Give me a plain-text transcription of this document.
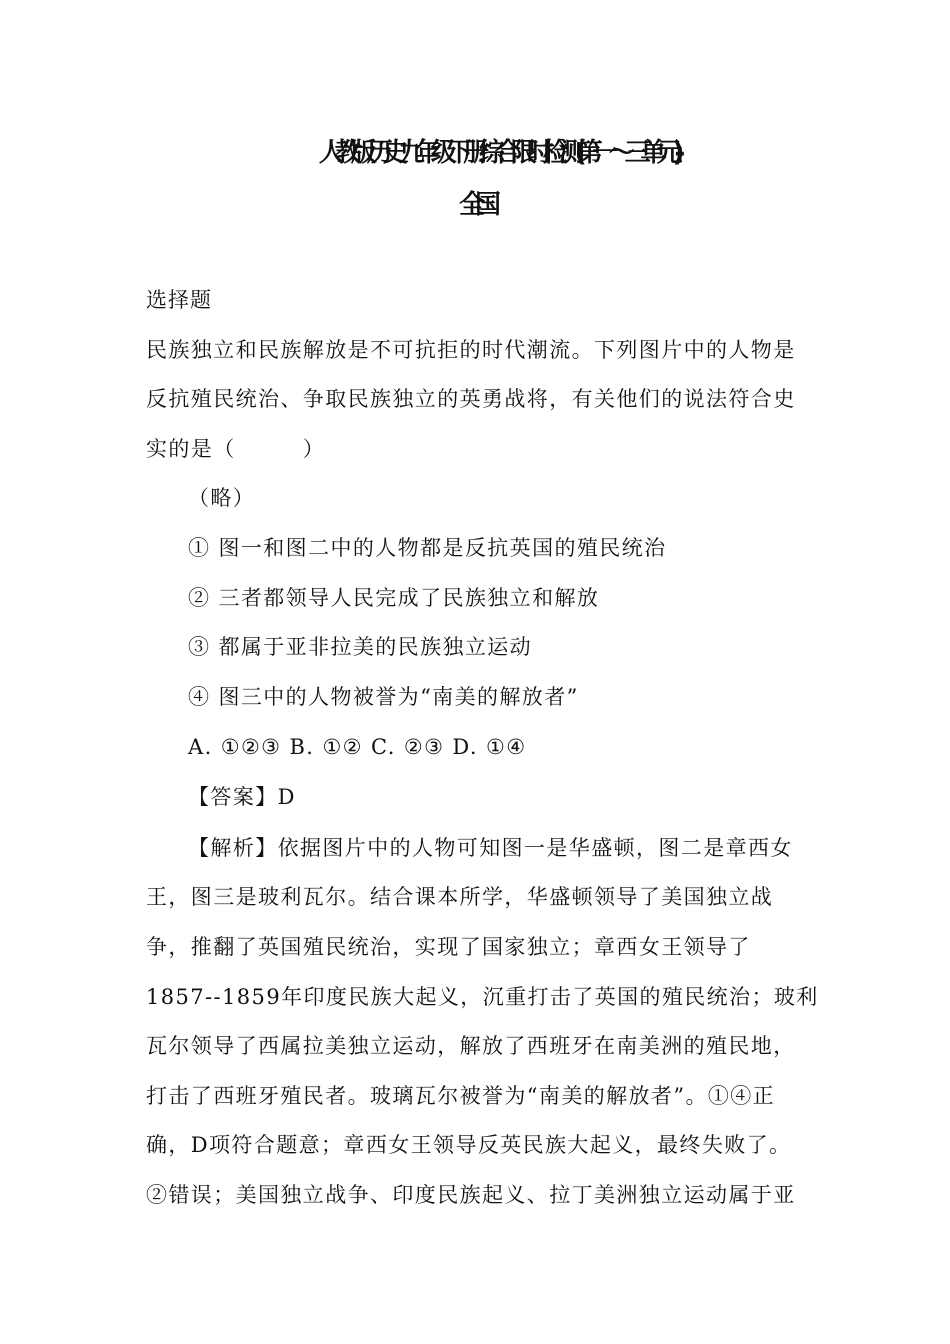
人教版历史九年级下册综合限时检测(第一～三单元)-
全国
选择题
民族独立和民族解放是不可抗拒的时代潮流。下列图片中的人物是
反抗殖民统治、争取民族独立的英勇战将，有关他们的说法符合史
实的是（　　　）
（略）
① 图一和图二中的人物都是反抗英国的殖民统治
② 三者都领导人民完成了民族独立和解放
③ 都属于亚非拉美的民族独立运动
④ 图三中的人物被誉为“南美的解放者”
A. ①②③ B. ①② C. ②③ D. ①④
【答案】D
【解析】依据图片中的人物可知图一是华盛顿，图二是章西女
王，图三是玻利瓦尔。结合课本所学，华盛顿领导了美国独立战
争，推翻了英国殖民统治，实现了国家独立；章西女王领导了
1857--1859年印度民族大起义，沉重打击了英国的殖民统治；玻利
瓦尔领导了西属拉美独立运动，解放了西班牙在南美洲的殖民地，
打击了西班牙殖民者。玻璃瓦尔被誉为“南美的解放者”。①④正
确，D项符合题意；章西女王领导反英民族大起义，最终失败了。
②错误；美国独立战争、印度民族起义、拉丁美洲独立运动属于亚
